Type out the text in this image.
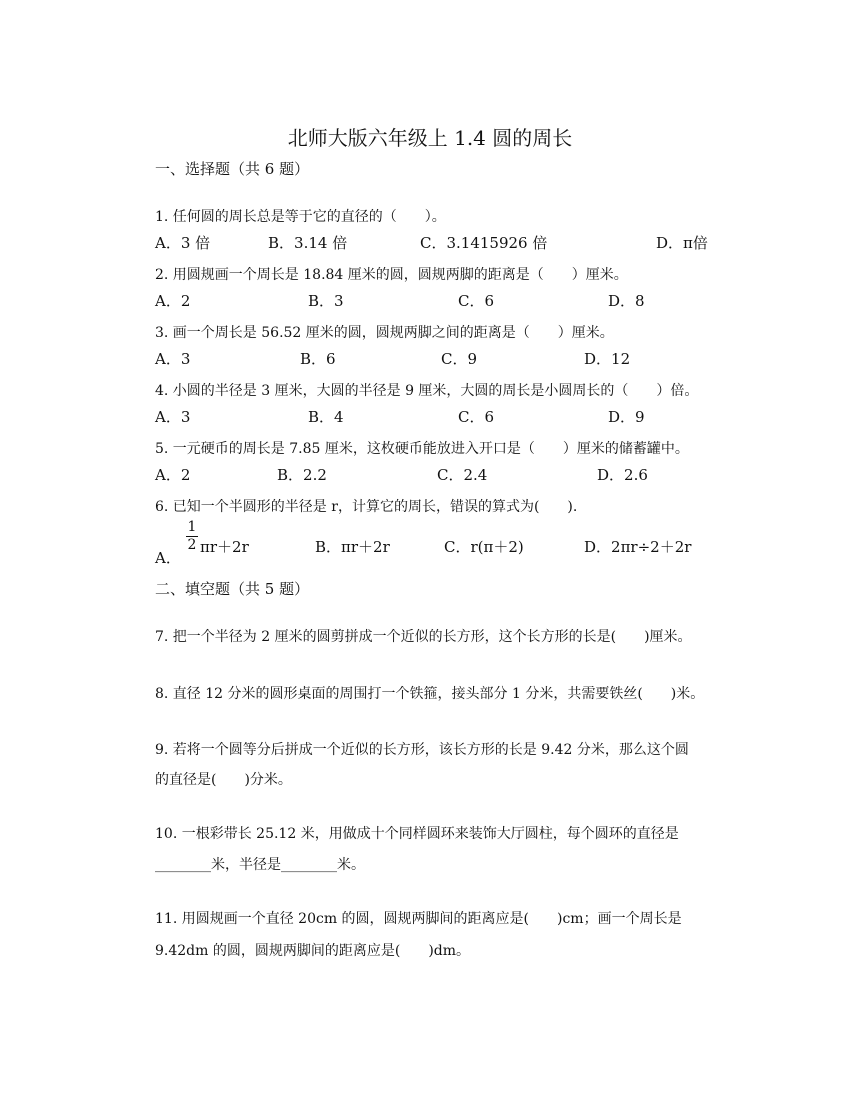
北师大版六年级上 1.4 圆的周长
一、选择题（共 6 题）
1. 任何圆的周长总是等于它的直径的（　　）。
A．3 倍	B．3.14 倍	C．3.1415926 倍	D．π倍
2. 用圆规画一个周长是 18.84 厘米的圆，圆规两脚的距离是（　　）厘米。
A．2	B．3	C．6	D．8
3. 画一个周长是 56.52 厘米的圆，圆规两脚之间的距离是（　　）厘米。
A．3	B．6	C．9	D．12
4. 小圆的半径是 3 厘米，大圆的半径是 9 厘米，大圆的周长是小圆周长的（　　）倍。
A．3	B．4	C．6	D．9
5. 一元硬币的周长是 7.85 厘米，这枚硬币能放进入开口是（　　）厘米的储蓄罐中。
A．2	B．2.2	C．2.4	D．2.6
6. 已知一个半圆形的半径是 r，计算它的周长，错误的算式为(　　).
A．
1
2 πr＋2r	B．πr＋2r	C．r(π＋2)	D．2πr÷2＋2r
二、填空题（共 5 题）
7. 把一个半径为 2 厘米的圆剪拼成一个近似的长方形，这个长方形的长是(　　)厘米。
8. 直径 12 分米的圆形桌面的周围打一个铁箍，接头部分 1 分米，共需要铁丝(　　)米。
9. 若将一个圆等分后拼成一个近似的长方形，该长方形的长是 9.42 分米，那么这个圆
的直径是(　　)分米。
10. 一根彩带长 25.12 米，用做成十个同样圆环来装饰大厅圆柱，每个圆环的直径是
________米，半径是________米。
11. 用圆规画一个直径 20cm 的圆，圆规两脚间的距离应是(　　)cm；画一个周长是
9.42dm 的圆，圆规两脚间的距离应是(　　)dm。
